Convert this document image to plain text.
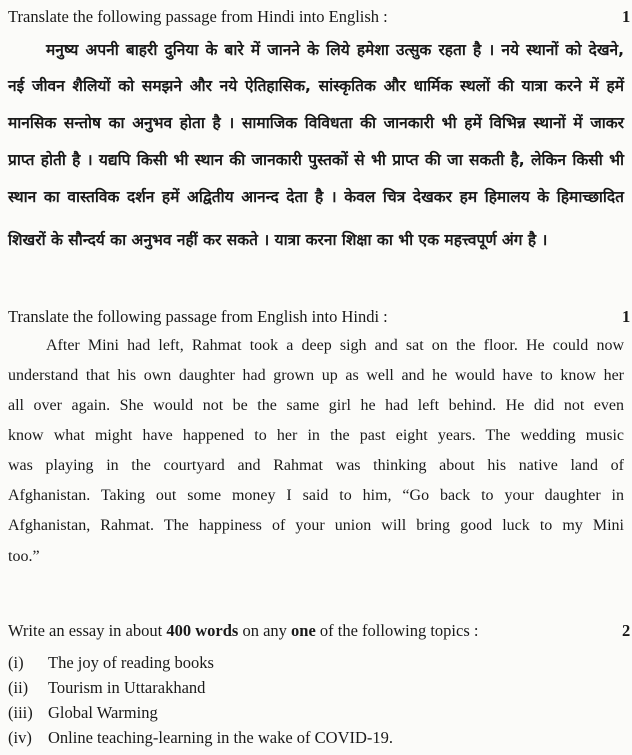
Translate the following passage from Hindi into English :	1
मनुष्य अपनी बाहरी दुनिया के बारे में जानने के लिये हमेशा उत्सुक रहता है । नये स्थानों को देखने,
नई जीवन शैलियों को समझने और नये ऐतिहासिक, सांस्कृतिक और धार्मिक स्थलों की यात्रा करने में हमें
मानसिक सन्तोष का अनुभव होता है । सामाजिक विविधता की जानकारी भी हमें विभिन्न स्थानों में जाकर
प्राप्त होती है । यद्यपि किसी भी स्थान की जानकारी पुस्तकों से भी प्राप्त की जा सकती है, लेकिन किसी भी
स्थान का वास्तविक दर्शन हमें अद्वितीय आनन्द देता है । केवल चित्र देखकर हम हिमालय के हिमाच्छादित
शिखरों के सौन्दर्य का अनुभव नहीं कर सकते । यात्रा करना शिक्षा का भी एक महत्त्वपूर्ण अंग है ।
Translate the following passage from English into Hindi :	1
After Mini had left, Rahmat took a deep sigh and sat on the floor. He could now
understand that his own daughter had grown up as well and he would have to know her
all over again. She would not be the same girl he had left behind. He did not even
know what might have happened to her in the past eight years. The wedding music
was playing in the courtyard and Rahmat was thinking about his native land of
Afghanistan. Taking out some money I said to him, “Go back to your daughter in
Afghanistan, Rahmat. The happiness of your union will bring good luck to my Mini
too.”
Write an essay in about 400 words on any one of the following topics :	2
(i) The joy of reading books
(ii) Tourism in Uttarakhand
(iii) Global Warming
(iv) Online teaching-learning in the wake of COVID-19.
